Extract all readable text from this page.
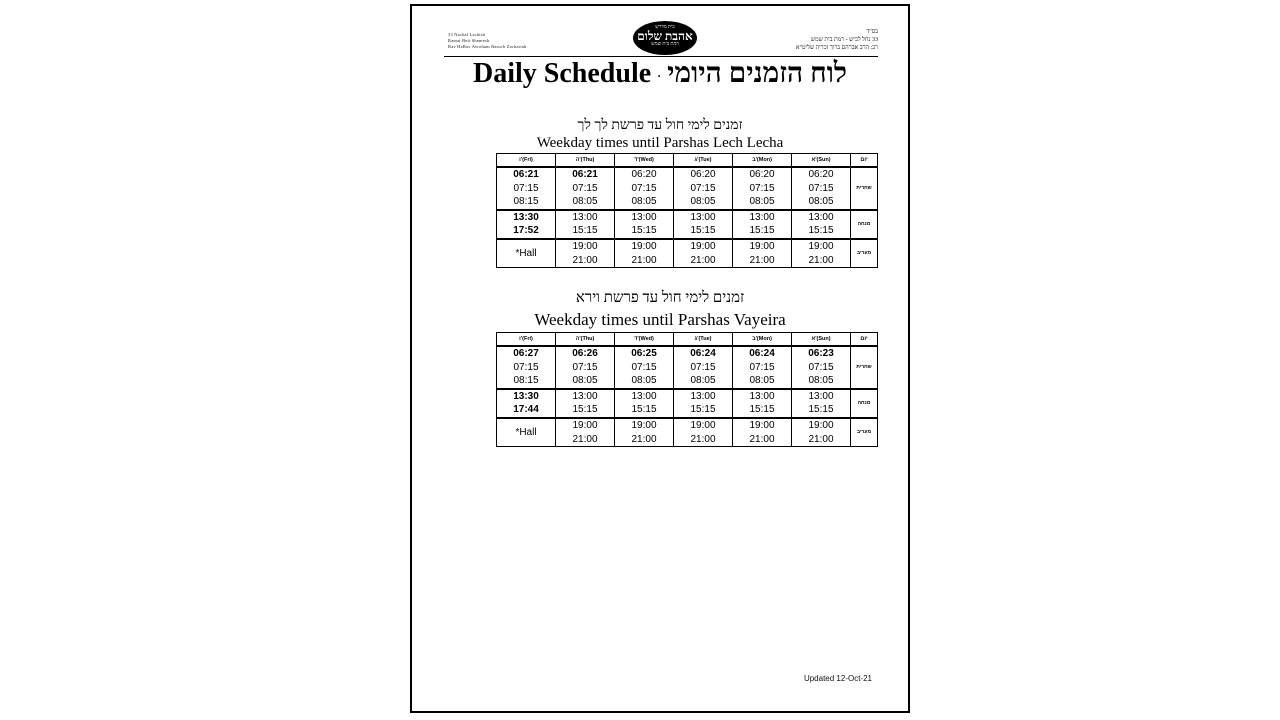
33 Nachal Lachish
Ramat Beit Shemesh
Rav HaRav Avroham Baruch Zachariah
בית מדרש
אהבת שלום
רמת בית שמש
בס"ד
33 נחל לכיש - רמת בית שמש
רב: הרב אברהם ברוך זכריה שליט"א
Daily Schedule · לוח הזמנים היומי
זמנים לימי חול עד פרשת לך לך
Weekday times until Parshas Lech Lecha
ו'(Fri)	ה'(Thu)	ד'(Wed)	ג'(Tue)	ב'(Mon)	א'(Sun)	יום
06:21	06:21	06:20	06:20	06:20	06:20	שחרית
07:15	07:15	07:15	07:15	07:15	07:15	
08:15	08:05	08:05	08:05	08:05	08:05	
13:30	13:00	13:00	13:00	13:00	13:00	מנחה
17:52	15:15	15:15	15:15	15:15	15:15	
*Hall	19:00	19:00	19:00	19:00	19:00	מעריב
	21:00	21:00	21:00	21:00	21:00	
זמנים לימי חול עד פרשת וירא
Weekday times until Parshas Vayeira
ו'(Fri)	ה'(Thu)	ד'(Wed)	ג'(Tue)	ב'(Mon)	א'(Sun)	יום
06:27	06:26	06:25	06:24	06:24	06:23	שחרית
07:15	07:15	07:15	07:15	07:15	07:15	
08:15	08:05	08:05	08:05	08:05	08:05	
13:30	13:00	13:00	13:00	13:00	13:00	מנחה
17:44	15:15	15:15	15:15	15:15	15:15	
*Hall	19:00	19:00	19:00	19:00	19:00	מעריב
	21:00	21:00	21:00	21:00	21:00	
Updated 12-Oct-21
